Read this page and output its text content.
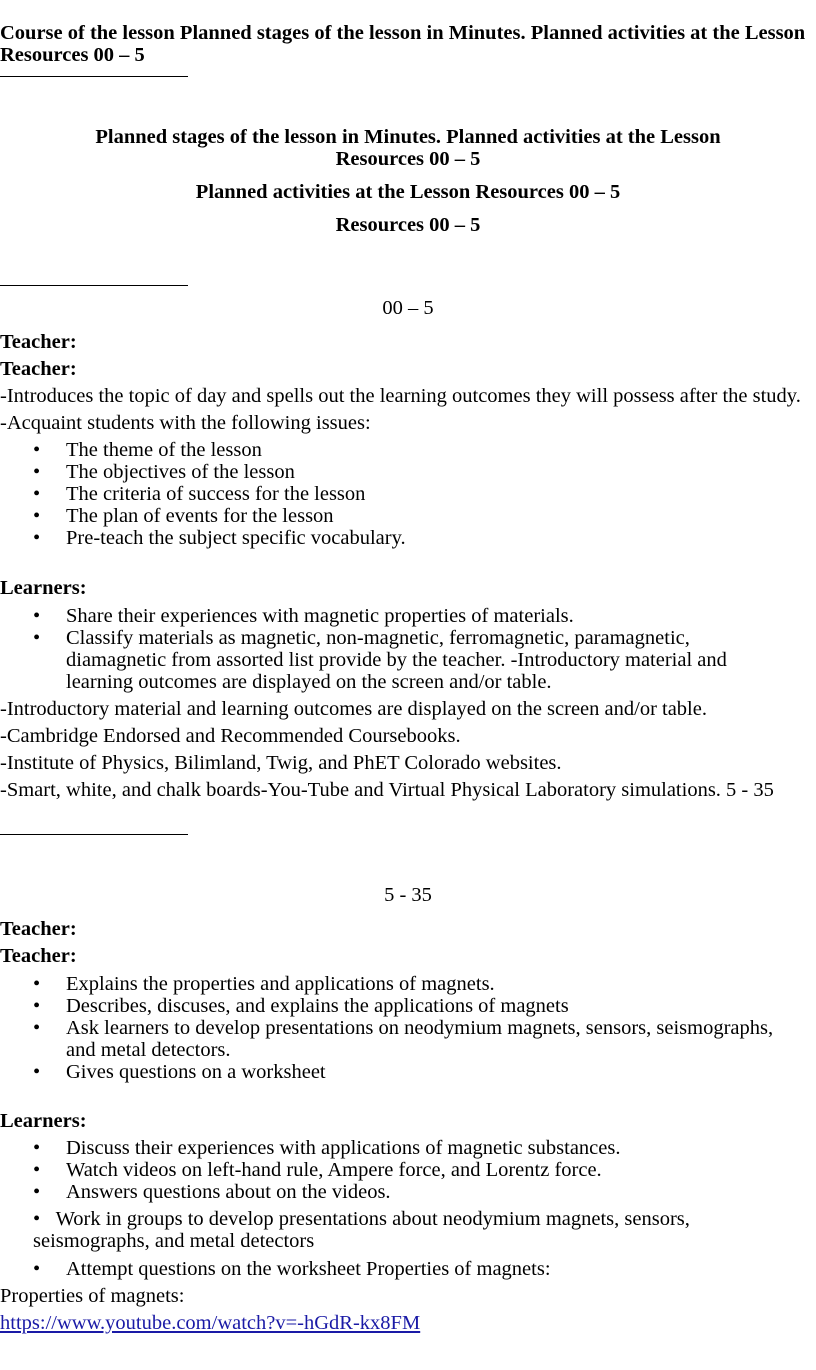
Course of the lesson Planned stages of the lesson in Minutes. Planned activities at the Lesson Resources 00 – 5

Planned stages of the lesson in Minutes. Planned activities at the Lesson Resources 00 – 5

Planned activities at the Lesson Resources 00 – 5

Resources 00 – 5

00 – 5

Teacher:

Teacher:

-Introduces the topic of day and spells out the learning outcomes they will possess after the study.

-Acquaint students with the following issues:

• The theme of the lesson
• The objectives of the lesson
• The criteria of success for the lesson
• The plan of events for the lesson
• Pre-teach the subject specific vocabulary.

Learners:

• Share their experiences with magnetic properties of materials.
• Classify materials as magnetic, non-magnetic, ferromagnetic, paramagnetic, diamagnetic from assorted list provide by the teacher. -Introductory material and learning outcomes are displayed on the screen and/or table.

-Introductory material and learning outcomes are displayed on the screen and/or table.

-Cambridge Endorsed and Recommended Coursebooks.

-Institute of Physics, Bilimland, Twig, and PhET Colorado websites.

-Smart, white, and chalk boards-You-Tube and Virtual Physical Laboratory simulations. 5 - 35

5 - 35

Teacher:

Teacher:

• Explains the properties and applications of magnets.
• Describes, discuses, and explains the applications of magnets
• Ask learners to develop presentations on neodymium magnets, sensors, seismographs, and metal detectors.
• Gives questions on a worksheet

Learners:

• Discuss their experiences with applications of magnetic substances.
• Watch videos on left-hand rule, Ampere force, and Lorentz force.
• Answers questions about on the videos.

• Work in groups to develop presentations about neodymium magnets, sensors, seismographs, and metal detectors

• Attempt questions on the worksheet Properties of magnets:

Properties of magnets:

https://www.youtube.com/watch?v=-hGdR-kx8FM
